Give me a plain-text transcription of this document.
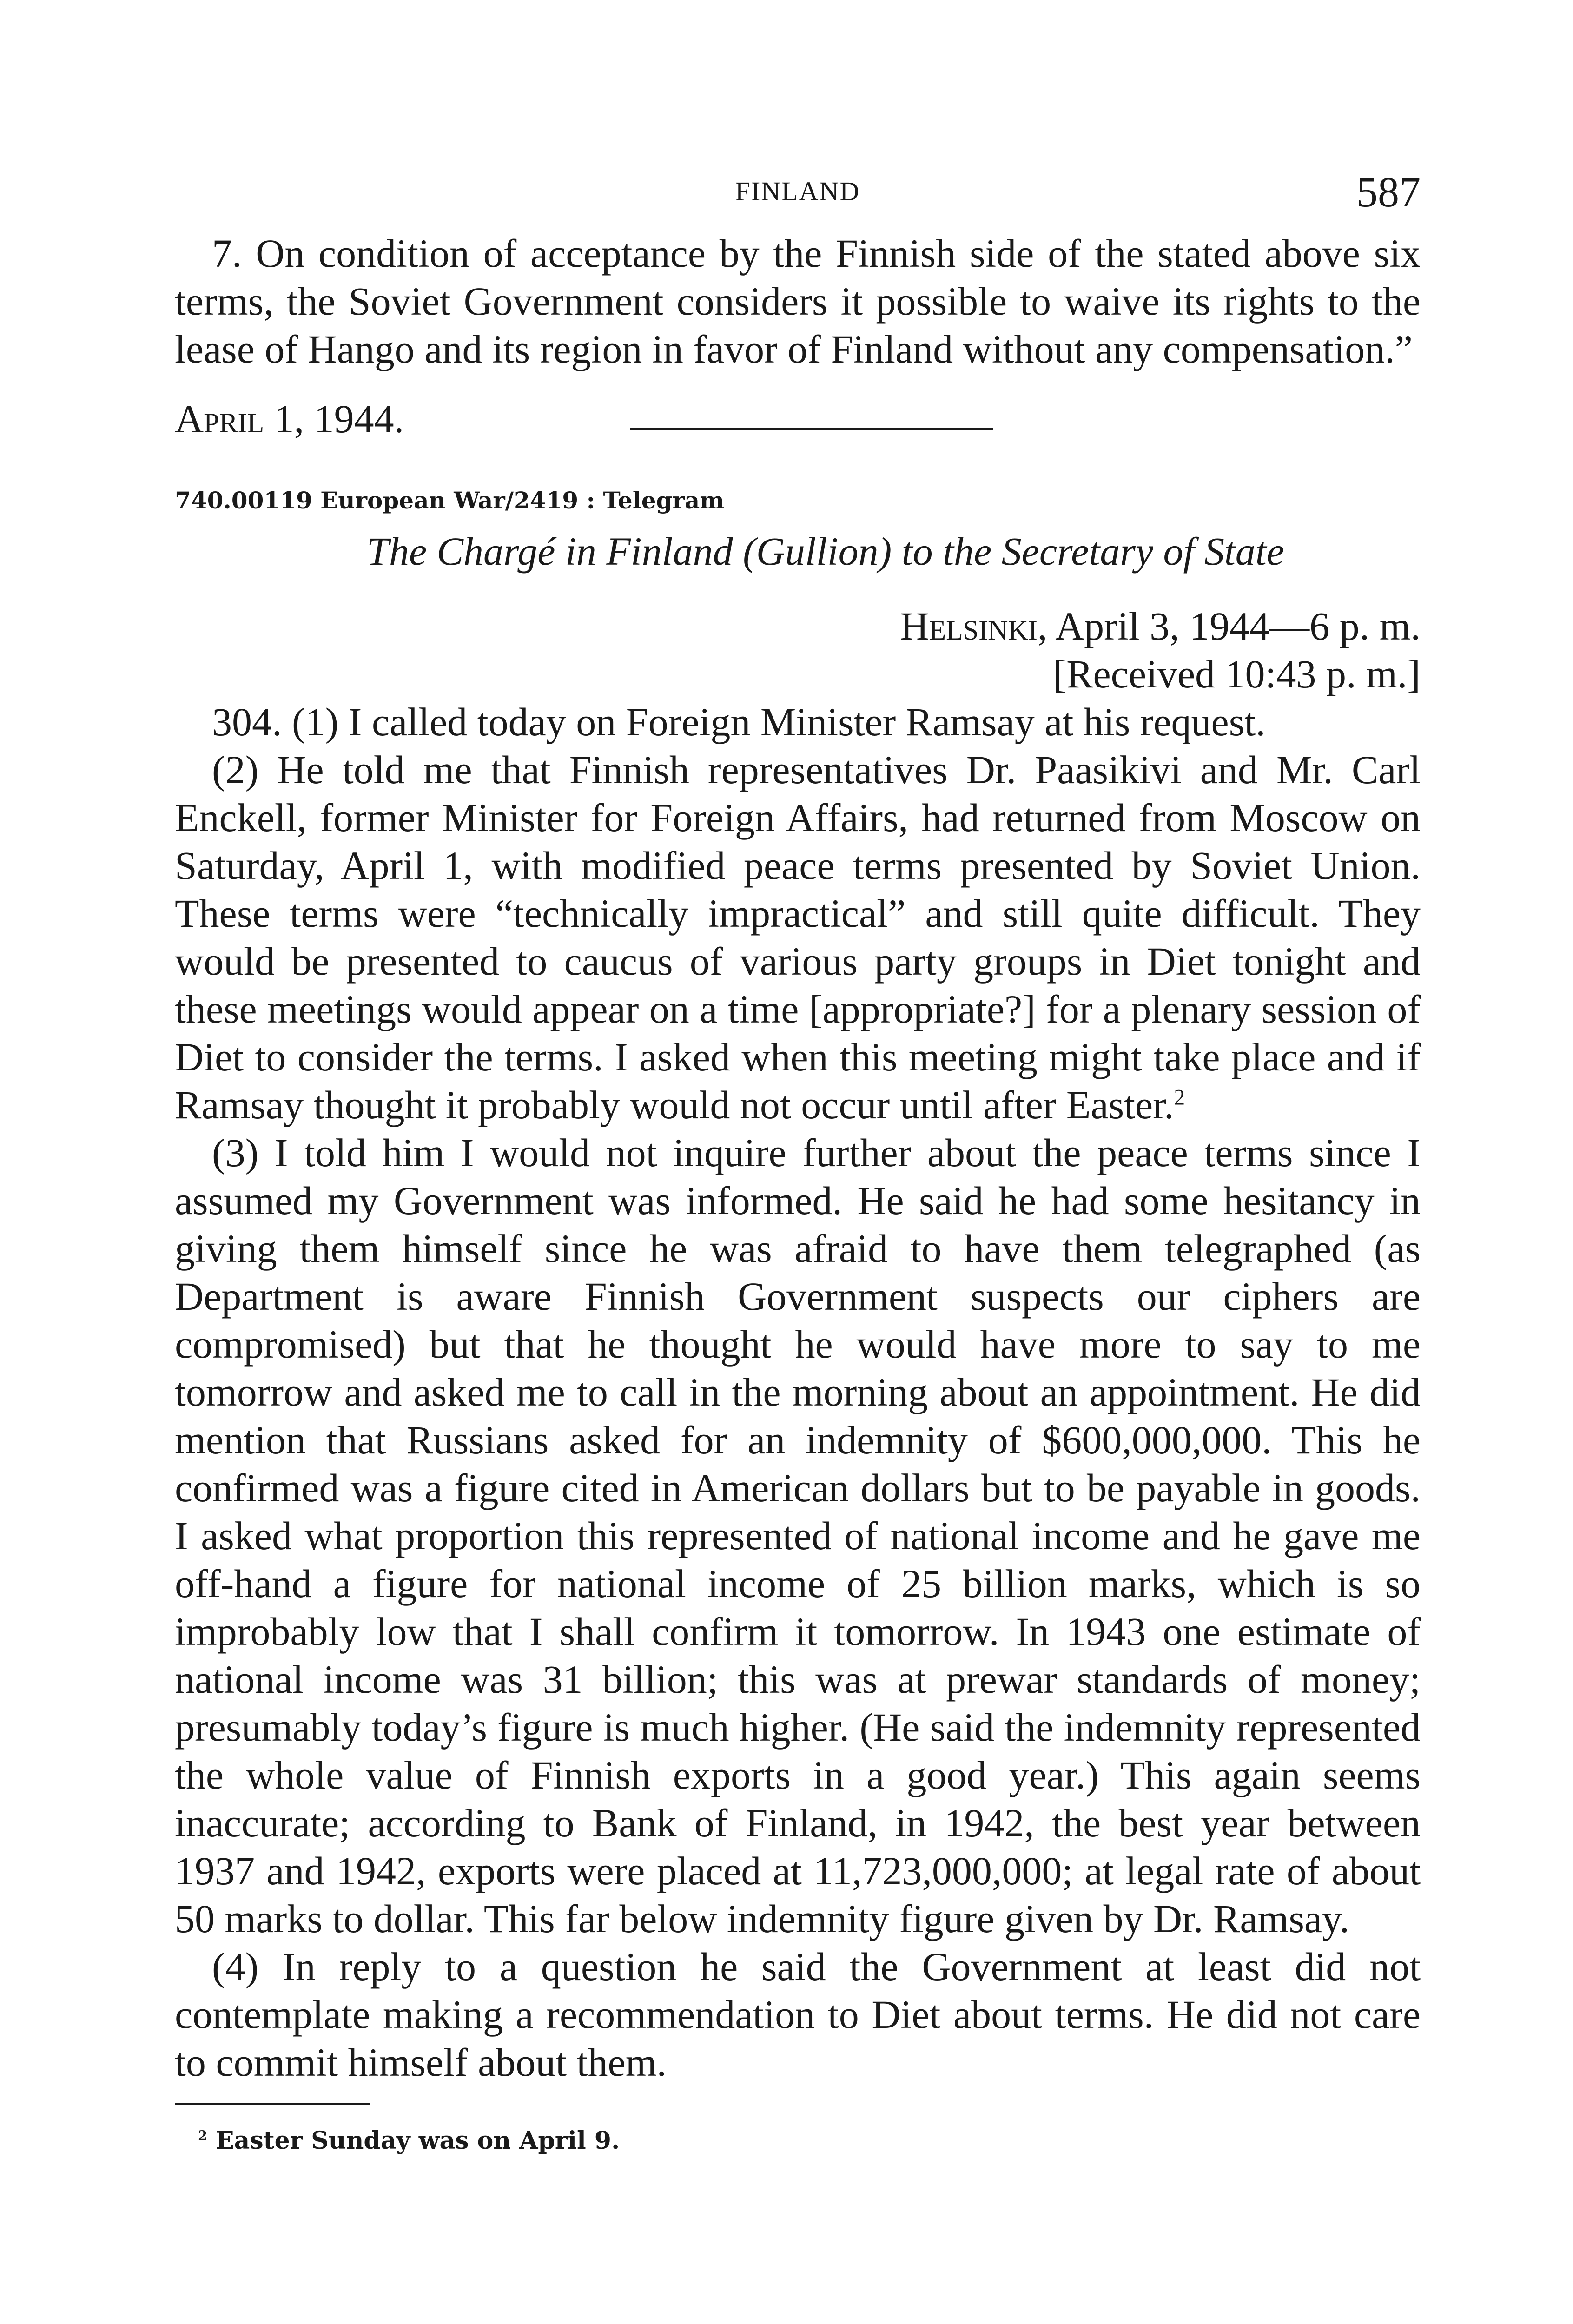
FINLAND	587

7. On condition of acceptance by the Finnish side of the stated above six terms, the Soviet Government considers it possible to waive its rights to the lease of Hango and its region in favor of Finland without any compensation.”

April 1, 1944.
740.00119 European War/2419 : Telegram
The Chargé in Finland (Gullion) to the Secretary of State
Helsinki, April 3, 1944—6 p. m.
[Received 10:43 p. m.]

304. (1) I called today on Foreign Minister Ramsay at his request.

(2) He told me that Finnish representatives Dr. Paasikivi and Mr. Carl Enckell, former Minister for Foreign Affairs, had returned from Moscow on Saturday, April 1, with modified peace terms presented by Soviet Union. These terms were “technically impractical” and still quite difficult. They would be presented to caucus of various party groups in Diet tonight and these meetings would appear on a time [appropriate?] for a plenary session of Diet to consider the terms. I asked when this meeting might take place and if Ramsay thought it probably would not occur until after Easter.$^2$

(3) I told him I would not inquire further about the peace terms since I assumed my Government was informed. He said he had some hesitancy in giving them himself since he was afraid to have them telegraphed (as Department is aware Finnish Government suspects our ciphers are compromised) but that he thought he would have more to say to me tomorrow and asked me to call in the morning about an appointment. He did mention that Russians asked for an indemnity of $600,000,000. This he confirmed was a figure cited in American dollars but to be payable in goods. I asked what proportion this represented of national income and he gave me off-hand a figure for national income of 25 billion marks, which is so improbably low that I shall confirm it tomorrow. In 1943 one estimate of national income was 31 billion; this was at prewar standards of money; presumably today’s figure is much higher. (He said the indemnity represented the whole value of Finnish exports in a good year.) This again seems inaccurate; according to Bank of Finland, in 1942, the best year between 1937 and 1942, exports were placed at 11,723,000,000; at legal rate of about 50 marks to dollar. This far below indemnity figure given by Dr. Ramsay.

(4) In reply to a question he said the Government at least did not contemplate making a recommendation to Diet about terms. He did not care to commit himself about them.

$^2$ Easter Sunday was on April 9.
